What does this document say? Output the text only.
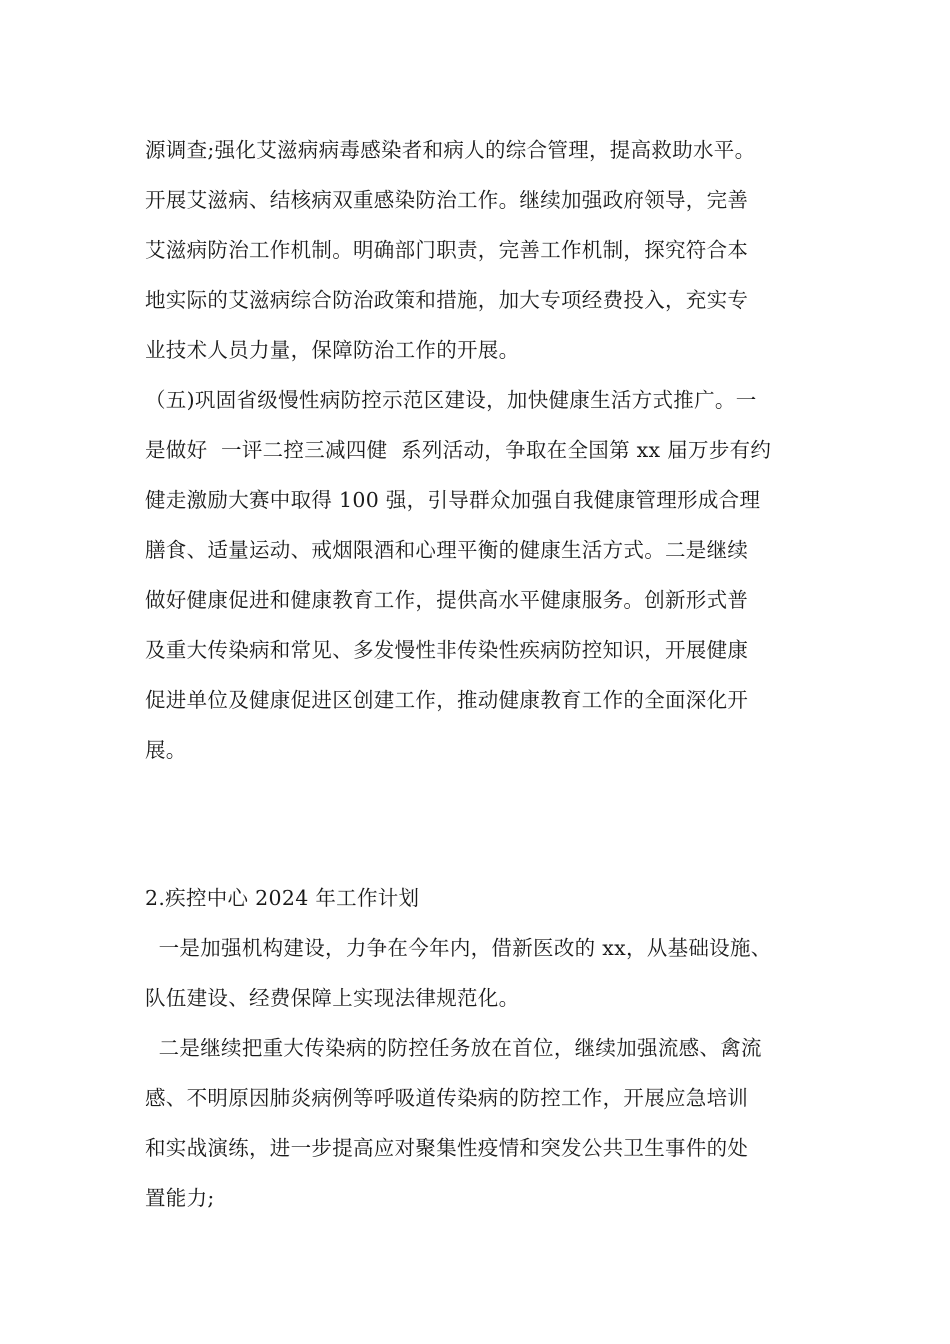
源调查;强化艾滋病病毒感染者和病人的综合管理，提高救助水平。
开展艾滋病、结核病双重感染防治工作。继续加强政府领导，完善
艾滋病防治工作机制。明确部门职责，完善工作机制，探究符合本
地实际的艾滋病综合防治政策和措施，加大专项经费投入，充实专
业技术人员力量，保障防治工作的开展。
（五)巩固省级慢性病防控示范区建设，加快健康生活方式推广。一
是做好  一评二控三减四健  系列活动，争取在全国第 xx 届万步有约
健走激励大赛中取得 100 强，引导群众加强自我健康管理形成合理
膳食、适量运动、戒烟限酒和心理平衡的健康生活方式。二是继续
做好健康促进和健康教育工作，提供高水平健康服务。创新形式普
及重大传染病和常见、多发慢性非传染性疾病防控知识，开展健康
促进单位及健康促进区创建工作，推动健康教育工作的全面深化开
展。
2.疾控中心 2024 年工作计划
一是加强机构建设，力争在今年内，借新医改的 xx，从基础设施、
队伍建设、经费保障上实现法律规范化。
二是继续把重大传染病的防控任务放在首位，继续加强流感、禽流
感、不明原因肺炎病例等呼吸道传染病的防控工作，开展应急培训
和实战演练，进一步提高应对聚集性疫情和突发公共卫生事件的处
置能力;
